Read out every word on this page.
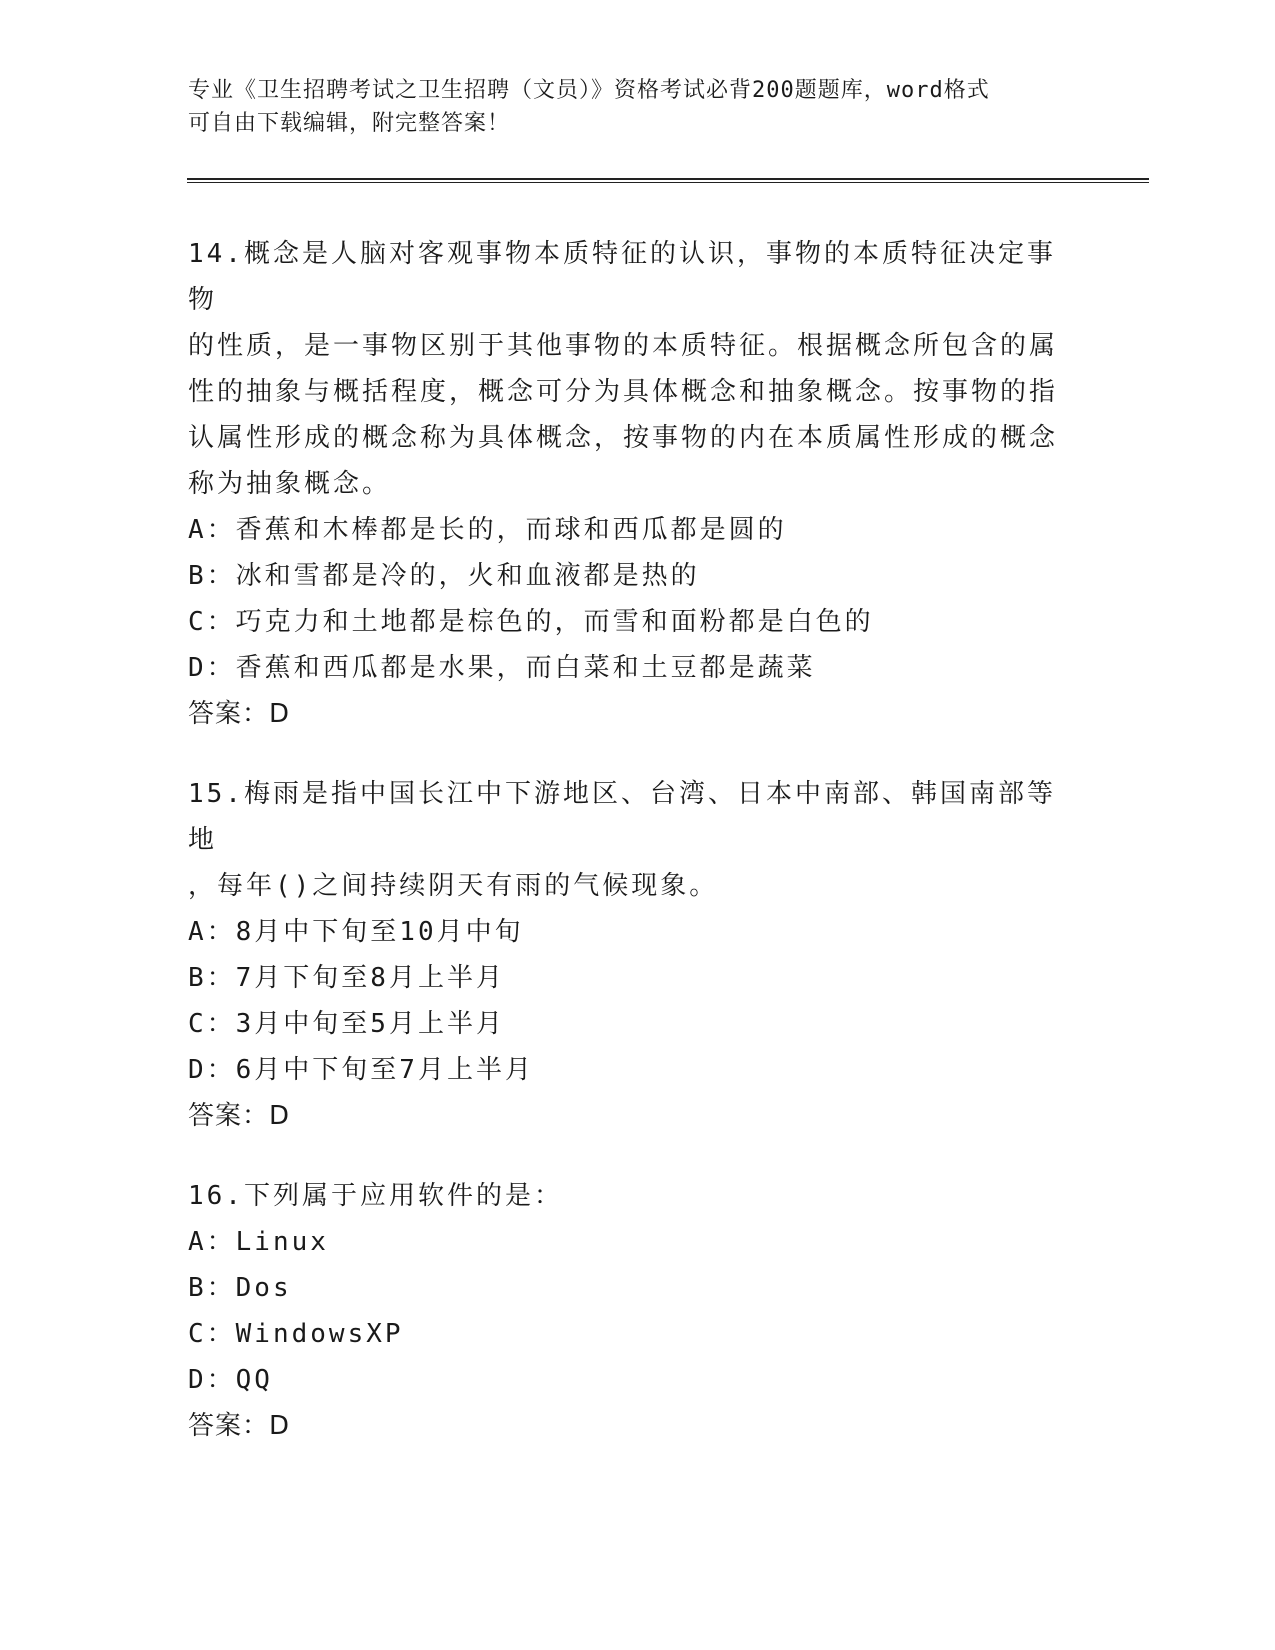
专业《卫生招聘考试之卫生招聘（文员）》资格考试必背200题题库，word格式
可自由下载编辑，附完整答案！
14.概念是人脑对客观事物本质特征的认识，事物的本质特征决定事物
的性质，是一事物区别于其他事物的本质特征。根据概念所包含的属
性的抽象与概括程度，概念可分为具体概念和抽象概念。按事物的指
认属性形成的概念称为具体概念，按事物的内在本质属性形成的概念
称为抽象概念。
A：香蕉和木棒都是长的，而球和西瓜都是圆的
B：冰和雪都是冷的，火和血液都是热的
C：巧克力和土地都是棕色的，而雪和面粉都是白色的
D：香蕉和西瓜都是水果，而白菜和土豆都是蔬菜
答案：D
15.梅雨是指中国长江中下游地区、台湾、日本中南部、韩国南部等地
，每年()之间持续阴天有雨的气候现象。
A：8月中下旬至10月中旬
B：7月下旬至8月上半月
C：3月中旬至5月上半月
D：6月中下旬至7月上半月
答案：D
16.下列属于应用软件的是：
A：Linux
B：Dos
C：WindowsXP
D：QQ
答案：D
